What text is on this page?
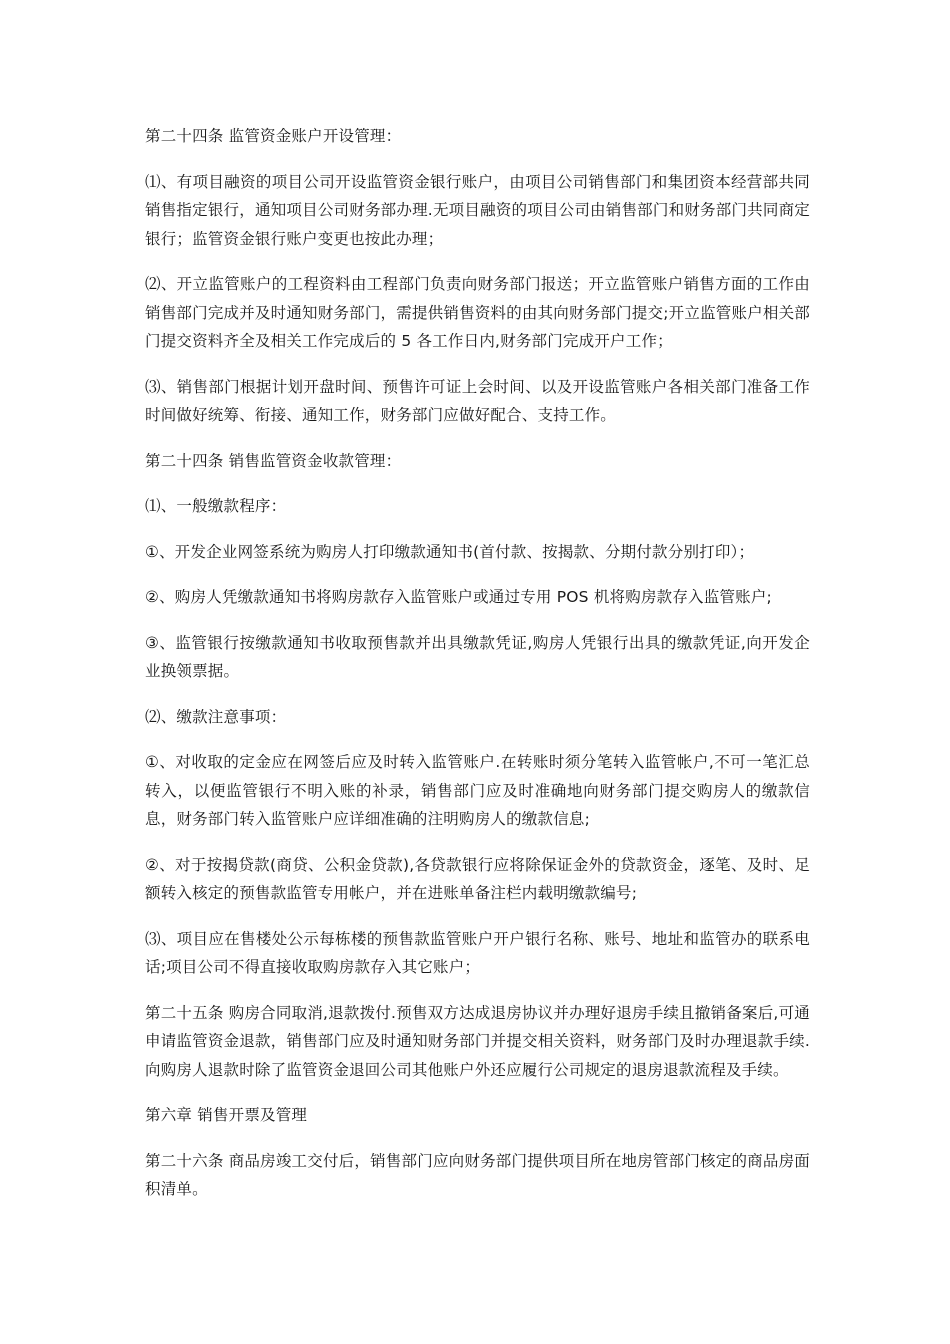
第二十四条 监管资金账户开设管理：

⑴、有项目融资的项目公司开设监管资金银行账户，由项目公司销售部门和集团资本经营部共同销售指定银行，通知项目公司财务部办理.无项目融资的项目公司由销售部门和财务部门共同商定银行；监管资金银行账户变更也按此办理；

⑵、开立监管账户的工程资料由工程部门负责向财务部门报送；开立监管账户销售方面的工作由销售部门完成并及时通知财务部门，需提供销售资料的由其向财务部门提交;开立监管账户相关部门提交资料齐全及相关工作完成后的 5 各工作日内,财务部门完成开户工作；

⑶、销售部门根据计划开盘时间、预售许可证上会时间、以及开设监管账户各相关部门准备工作时间做好统筹、衔接、通知工作，财务部门应做好配合、支持工作。

第二十四条 销售监管资金收款管理：

⑴、一般缴款程序：

①、开发企业网签系统为购房人打印缴款通知书(首付款、按揭款、分期付款分别打印）；

②、购房人凭缴款通知书将购房款存入监管账户或通过专用 POS 机将购房款存入监管账户;

③、监管银行按缴款通知书收取预售款并出具缴款凭证,购房人凭银行出具的缴款凭证,向开发企业换领票据。

⑵、缴款注意事项：

①、对收取的定金应在网签后应及时转入监管账户.在转账时须分笔转入监管帐户,不可一笔汇总转入，以便监管银行不明入账的补录，销售部门应及时准确地向财务部门提交购房人的缴款信息，财务部门转入监管账户应详细准确的注明购房人的缴款信息;

②、对于按揭贷款(商贷、公积金贷款),各贷款银行应将除保证金外的贷款资金，逐笔、及时、足额转入核定的预售款监管专用帐户，并在进账单备注栏内载明缴款编号;

⑶、项目应在售楼处公示每栋楼的预售款监管账户开户银行名称、账号、地址和监管办的联系电话;项目公司不得直接收取购房款存入其它账户；

第二十五条 购房合同取消,退款拨付.预售双方达成退房协议并办理好退房手续且撤销备案后,可通申请监管资金退款，销售部门应及时通知财务部门并提交相关资料，财务部门及时办理退款手续.向购房人退款时除了监管资金退回公司其他账户外还应履行公司规定的退房退款流程及手续。

第六章 销售开票及管理

第二十六条 商品房竣工交付后，销售部门应向财务部门提供项目所在地房管部门核定的商品房面积清单。
